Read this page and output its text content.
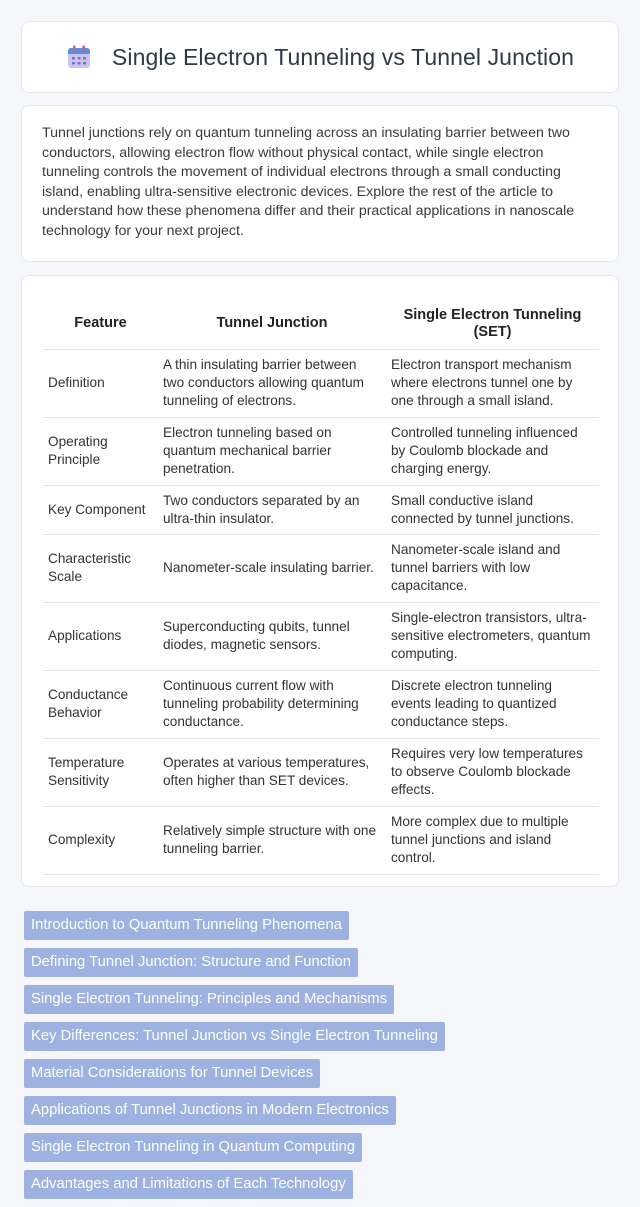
Single Electron Tunneling vs Tunnel Junction

Tunnel junctions rely on quantum tunneling across an insulating barrier between two conductors, allowing electron flow without physical contact, while single electron tunneling controls the movement of individual electrons through a small conducting island, enabling ultra-sensitive electronic devices. Explore the rest of the article to understand how these phenomena differ and their practical applications in nanoscale technology for your next project.

Feature	Tunnel Junction	Single Electron Tunneling (SET)
Definition	A thin insulating barrier between two conductors allowing quantum tunneling of electrons.	Electron transport mechanism where electrons tunnel one by one through a small island.
Operating Principle	Electron tunneling based on quantum mechanical barrier penetration.	Controlled tunneling influenced by Coulomb blockade and charging energy.
Key Component	Two conductors separated by an ultra-thin insulator.	Small conductive island connected by tunnel junctions.
Characteristic Scale	Nanometer-scale insulating barrier.	Nanometer-scale island and tunnel barriers with low capacitance.
Applications	Superconducting qubits, tunnel diodes, magnetic sensors.	Single-electron transistors, ultra-sensitive electrometers, quantum computing.
Conductance Behavior	Continuous current flow with tunneling probability determining conductance.	Discrete electron tunneling events leading to quantized conductance steps.
Temperature Sensitivity	Operates at various temperatures, often higher than SET devices.	Requires very low temperatures to observe Coulomb blockade effects.
Complexity	Relatively simple structure with one tunneling barrier.	More complex due to multiple tunnel junctions and island control.
Introduction to Quantum Tunneling Phenomena
Defining Tunnel Junction: Structure and Function
Single Electron Tunneling: Principles and Mechanisms
Key Differences: Tunnel Junction vs Single Electron Tunneling
Material Considerations for Tunnel Devices
Applications of Tunnel Junctions in Modern Electronics
Single Electron Tunneling in Quantum Computing
Advantages and Limitations of Each Technology
